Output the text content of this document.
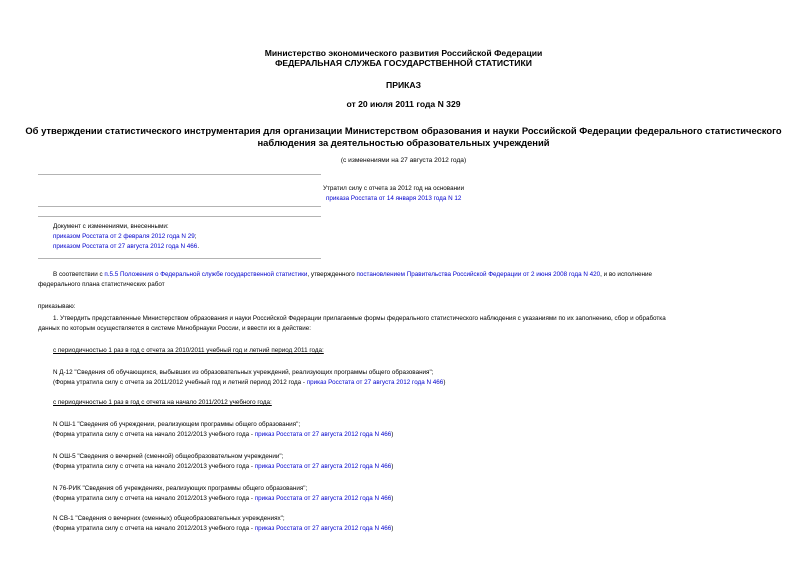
Министерство экономического развития Российской Федерации
ФЕДЕРАЛЬНАЯ СЛУЖБА ГОСУДАРСТВЕННОЙ СТАТИСТИКИ
ПРИКАЗ
от 20 июля 2011 года N 329
Об утверждении статистического инструментария для организации Министерством образования и науки Российской Федерации федерального статистического
наблюдения за деятельностью образовательных учреждений
(с изменениями на 27 августа 2012 года)
Утратил силу с отчета за 2012 год на основании
приказа Росстата от 14 января 2013 года N 12
Документ с изменениями, внесенными:
приказом Росстата от 2 февраля 2012 года N 29;
приказом Росстата от 27 августа 2012 года N 466.
В соответствии с п.5.5 Положения о Федеральной службе государственной статистики, утвержденного постановлением Правительства Российской Федерации от 2 июня 2008 года N 420, и во исполнение
федерального плана статистических работ
приказываю:
1. Утвердить представленные Министерством образования и науки Российской Федерации прилагаемые формы федерального статистического наблюдения с указаниями по их заполнению, сбор и обработка
данных по которым осуществляется в системе Минобрнауки России, и ввести их в действие:
с периодичностью 1 раз в год с отчета за 2010/2011 учебный год и летний период 2011 года:
N Д-12 "Сведения об обучающихся, выбывших из образовательных учреждений, реализующих программы общего образования";
(Форма утратила силу с отчета за 2011/2012 учебный год и летний период 2012 года - приказ Росстата от 27 августа 2012 года N 466)
с периодичностью 1 раз в год с отчета на начало 2011/2012 учебного года:
N ОШ-1 "Сведения об учреждении, реализующем программы общего образования";
(Форма утратила силу с отчета на начало 2012/2013 учебного года - приказ Росстата от 27 августа 2012 года N 466)
N ОШ-5 "Сведения о вечерней (сменной) общеобразовательном учреждении";
(Форма утратила силу с отчета на начало 2012/2013 учебного года - приказ Росстата от 27 августа 2012 года N 466)
N 76-РИК "Сведения об учреждениях, реализующих программы общего образования";
(Форма утратила силу с отчета на начало 2012/2013 учебного года - приказ Росстата от 27 августа 2012 года N 466)
N СВ-1 "Сведения о вечерних (сменных) общеобразовательных учреждениях";
(Форма утратила силу с отчета на начало 2012/2013 учебного года - приказ Росстата от 27 августа 2012 года N 466)
